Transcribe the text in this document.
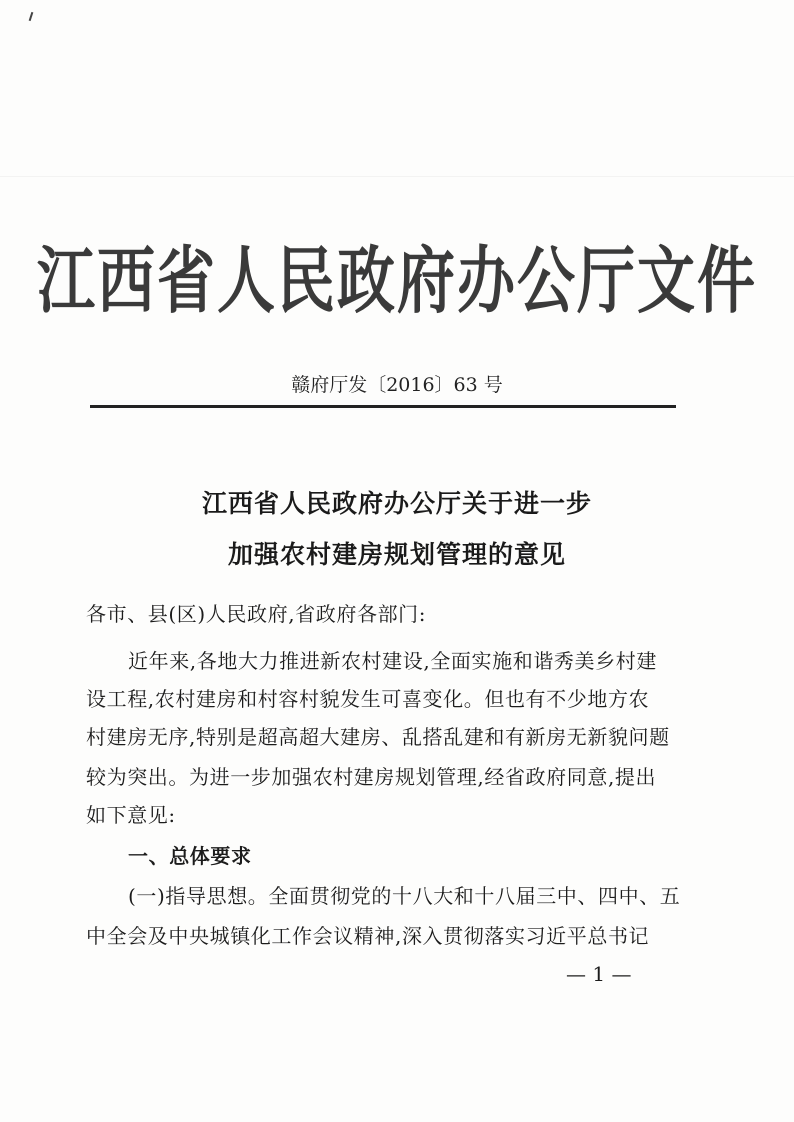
江西省人民政府办公厅文件
赣府厅发〔2016〕63 号
江西省人民政府办公厅关于进一步
加强农村建房规划管理的意见
各市、县(区)人民政府,省政府各部门:
近年来,各地大力推进新农村建设,全面实施和谐秀美乡村建
设工程,农村建房和村容村貌发生可喜变化。但也有不少地方农
村建房无序,特别是超高超大建房、乱搭乱建和有新房无新貌问题
较为突出。为进一步加强农村建房规划管理,经省政府同意,提出
如下意见:
一、总体要求
(一)指导思想。全面贯彻党的十八大和十八届三中、四中、五
中全会及中央城镇化工作会议精神,深入贯彻落实习近平总书记
— 1 —
